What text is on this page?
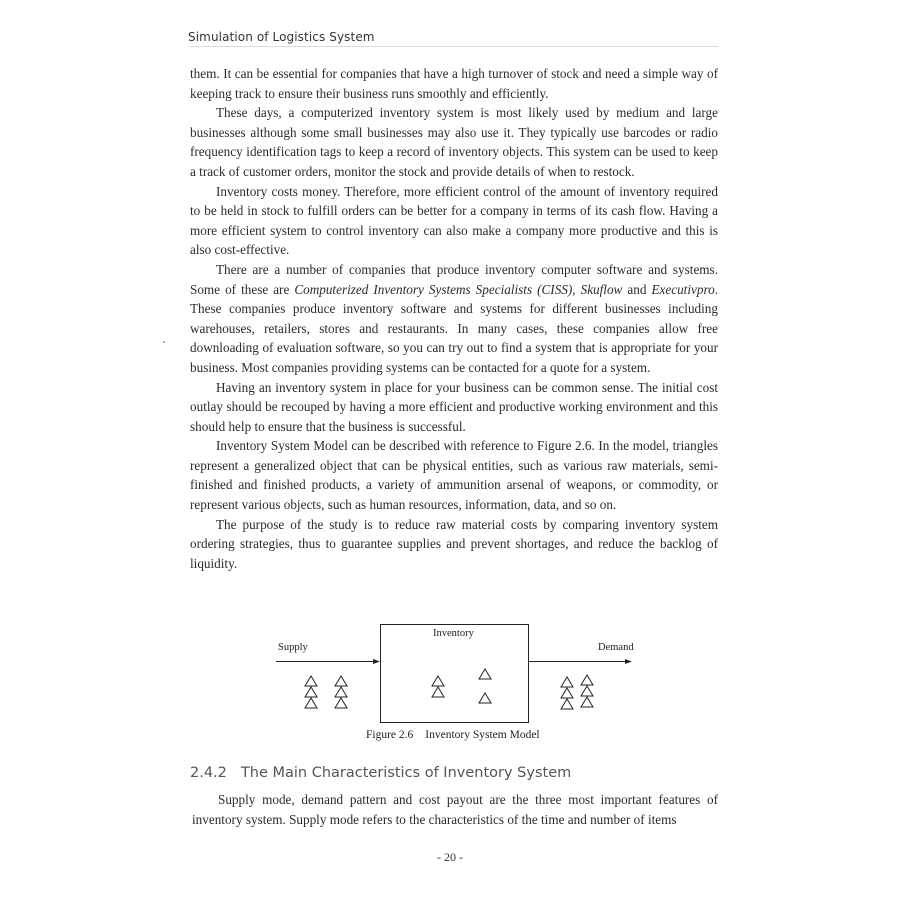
Simulation of Logistics System

them. It can be essential for companies that have a high turnover of stock and need a simple way of keeping track to ensure their business runs smoothly and efficiently.

These days, a computerized inventory system is most likely used by medium and large businesses although some small businesses may also use it. They typically use barcodes or radio frequency identification tags to keep a record of inventory objects. This system can be used to keep a track of customer orders, monitor the stock and provide details of when to restock.

Inventory costs money. Therefore, more efficient control of the amount of inventory required to be held in stock to fulfill orders can be better for a company in terms of its cash flow. Having a more efficient system to control inventory can also make a company more productive and this is also cost-effective.

There are a number of companies that produce inventory computer software and systems. Some of these are Computerized Inventory Systems Specialists (CISS), Skuflow and Executivpro. These companies produce inventory software and systems for different businesses including warehouses, retailers, stores and restaurants. In many cases, these companies allow free downloading of evaluation software, so you can try out to find a system that is appropriate for your business. Most companies providing systems can be contacted for a quote for a system.

Having an inventory system in place for your business can be common sense. The initial cost outlay should be recouped by having a more efficient and productive working environment and this should help to ensure that the business is successful.

Inventory System Model can be described with reference to Figure 2.6. In the model, triangles represent a generalized object that can be physical entities, such as various raw materials, semi-finished and finished products, a variety of ammunition arsenal of weapons, or commodity, or represent various objects, such as human resources, information, data, and so on.

The purpose of the study is to reduce raw material costs by comparing inventory system ordering strategies, thus to guarantee supplies and prevent shortages, and reduce the backlog of liquidity.

Inventory
Supply	Demand
Figure 2.6 Inventory System Model
2.4.2 The Main Characteristics of Inventory System

Supply mode, demand pattern and cost payout are the three most important features of inventory system. Supply mode refers to the characteristics of the time and number of items

- 20 -
